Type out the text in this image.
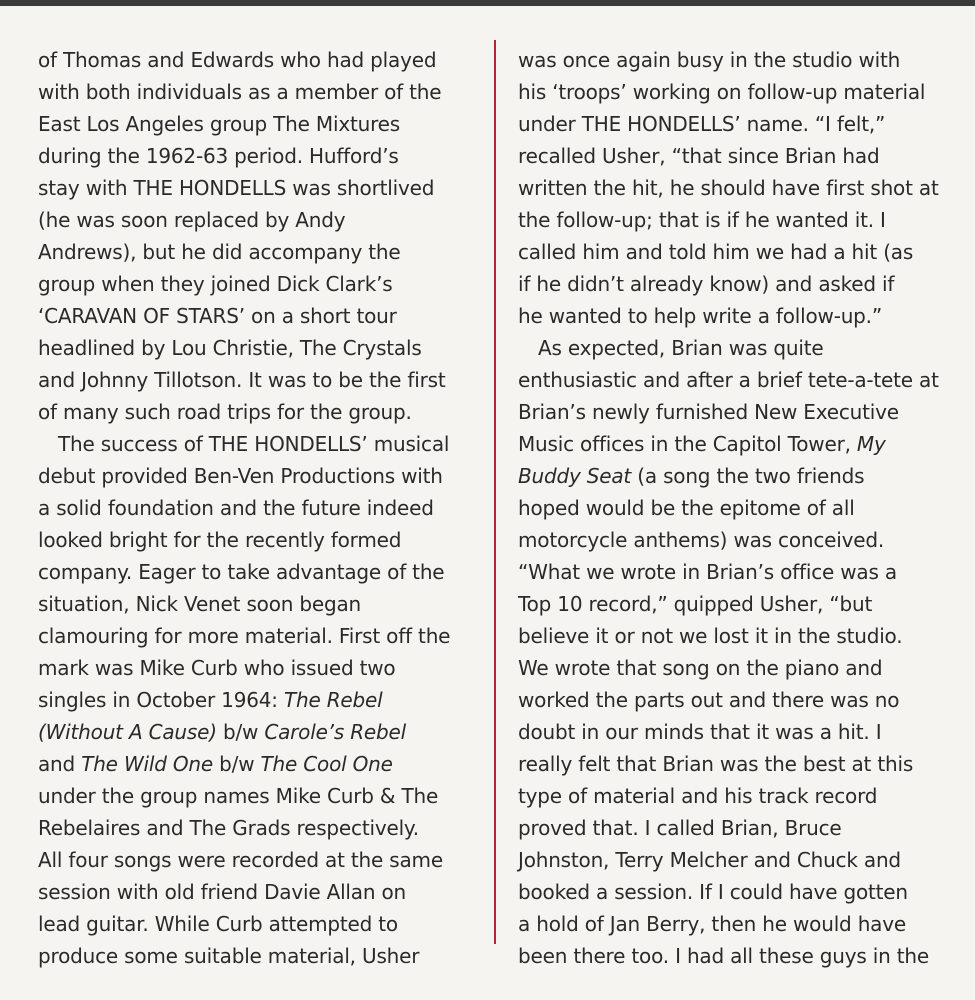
of Thomas and Edwards who had played
with both individuals as a member of the
East Los Angeles group The Mixtures
during the 1962-63 period. Hufford’s
stay with THE HONDELLS was shortlived
(he was soon replaced by Andy
Andrews), but he did accompany the
group when they joined Dick Clark’s
‘CARAVAN OF STARS’ on a short tour
headlined by Lou Christie, The Crystals
and Johnny Tillotson. It was to be the first
of many such road trips for the group.
The success of THE HONDELLS’ musical
debut provided Ben-Ven Productions with
a solid foundation and the future indeed
looked bright for the recently formed
company. Eager to take advantage of the
situation, Nick Venet soon began
clamouring for more material. First off the
mark was Mike Curb who issued two
singles in October 1964: The Rebel
(Without A Cause) b/w Carole’s Rebel
and The Wild One b/w The Cool One
under the group names Mike Curb & The
Rebelaires and The Grads respectively.
All four songs were recorded at the same
session with old friend Davie Allan on
lead guitar. While Curb attempted to
produce some suitable material, Usher
was once again busy in the studio with
his ‘troops’ working on follow-up material
under THE HONDELLS’ name. “I felt,”
recalled Usher, “that since Brian had
written the hit, he should have first shot at
the follow-up; that is if he wanted it. I
called him and told him we had a hit (as
if he didn’t already know) and asked if
he wanted to help write a follow-up.”
As expected, Brian was quite
enthusiastic and after a brief tete-a-tete at
Brian’s newly furnished New Executive
Music offices in the Capitol Tower, My
Buddy Seat (a song the two friends
hoped would be the epitome of all
motorcycle anthems) was conceived.
“What we wrote in Brian’s office was a
Top 10 record,” quipped Usher, “but
believe it or not we lost it in the studio.
We wrote that song on the piano and
worked the parts out and there was no
doubt in our minds that it was a hit. I
really felt that Brian was the best at this
type of material and his track record
proved that. I called Brian, Bruce
Johnston, Terry Melcher and Chuck and
booked a session. If I could have gotten
a hold of Jan Berry, then he would have
been there too. I had all these guys in the
